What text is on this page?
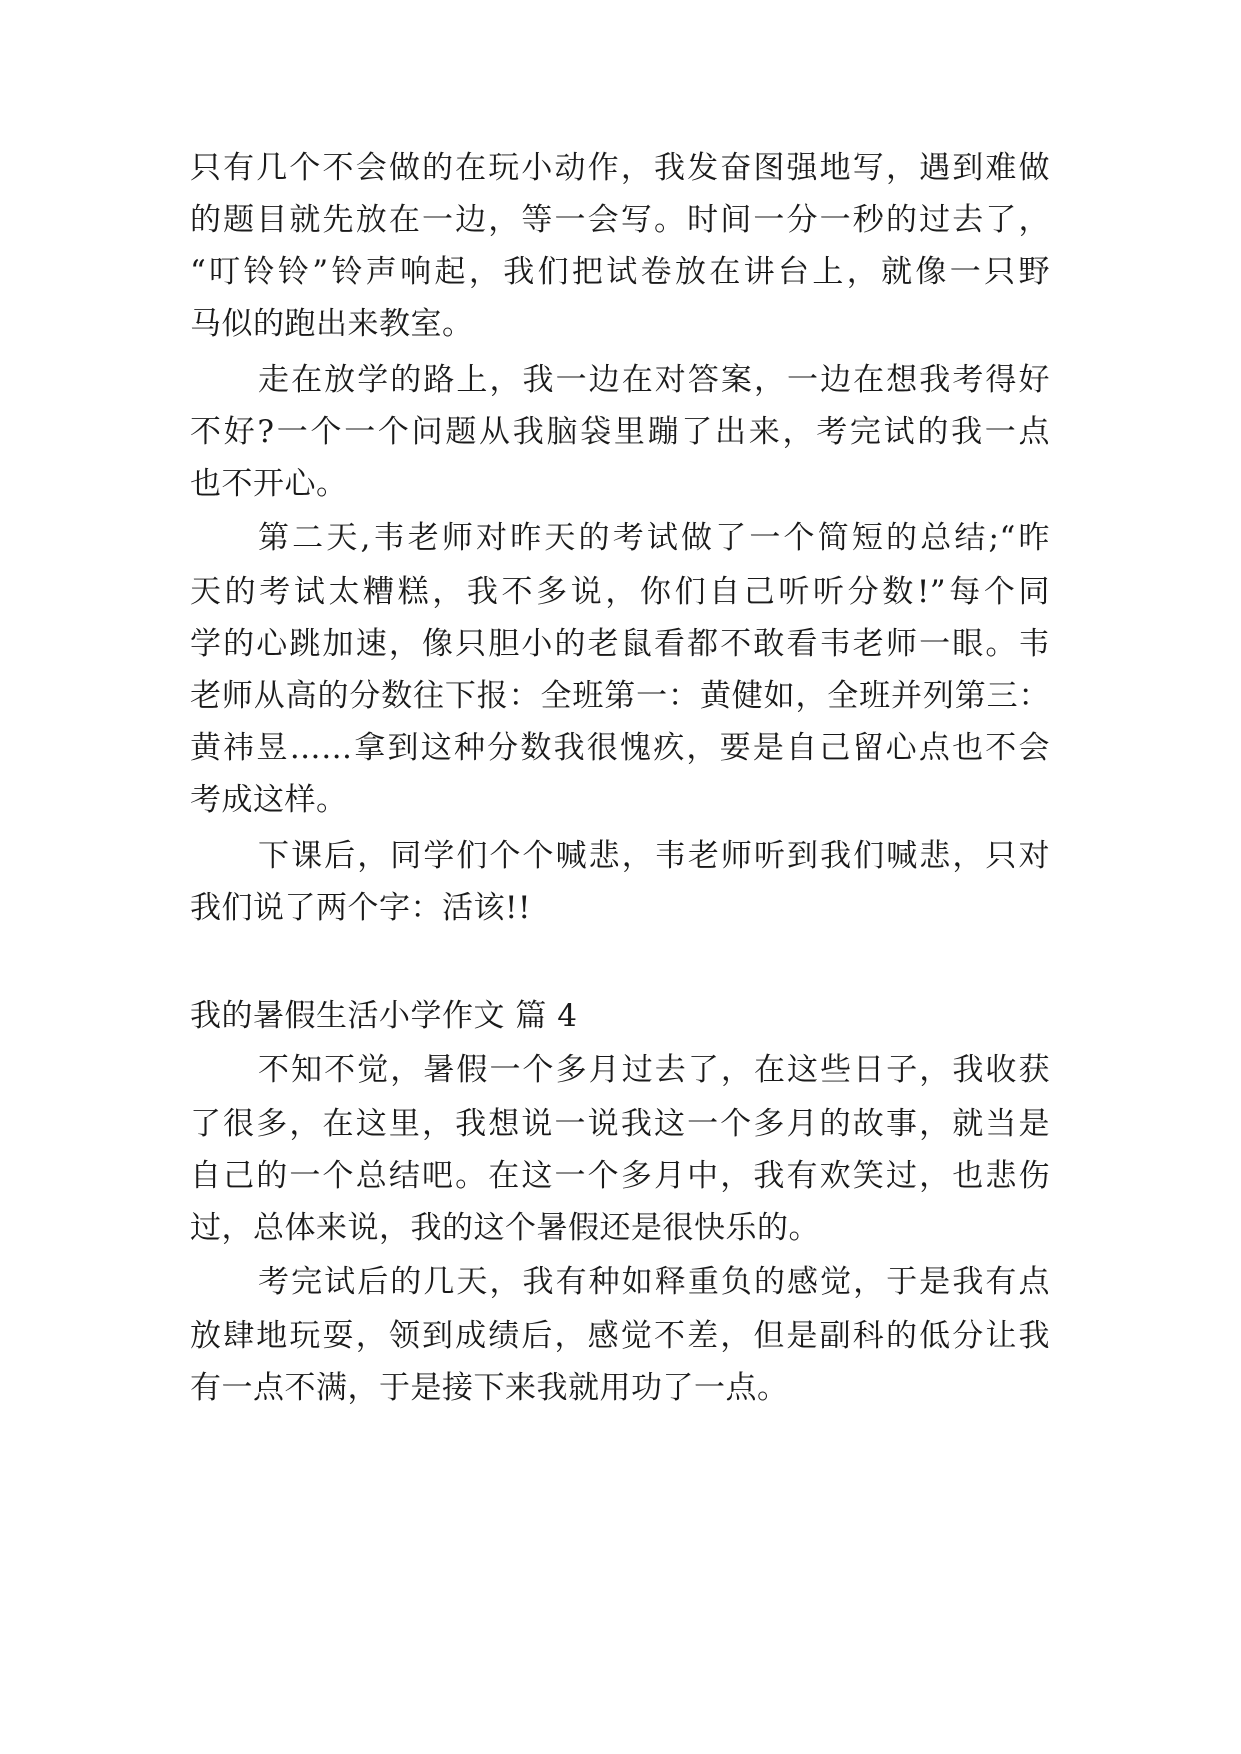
只有几个不会做的在玩小动作，我发奋图强地写，遇到难做
的题目就先放在一边，等一会写。时间一分一秒的过去了，
“叮铃铃”铃声响起，我们把试卷放在讲台上，就像一只野
马似的跑出来教室。
走在放学的路上，我一边在对答案，一边在想我考得好
不好?一个一个问题从我脑袋里蹦了出来，考完试的我一点
也不开心。
第二天,韦老师对昨天的考试做了一个简短的总结;“昨
天的考试太糟糕，我不多说，你们自己听听分数!”每个同
学的心跳加速，像只胆小的老鼠看都不敢看韦老师一眼。韦
老师从高的分数往下报：全班第一：黄健如，全班并列第三：
黄祎昱……拿到这种分数我很愧疚，要是自己留心点也不会
考成这样。
下课后，同学们个个喊悲，韦老师听到我们喊悲，只对
我们说了两个字：活该!!
我的暑假生活小学作文 篇 4
不知不觉，暑假一个多月过去了，在这些日子，我收获
了很多，在这里，我想说一说我这一个多月的故事，就当是
自己的一个总结吧。在这一个多月中，我有欢笑过，也悲伤
过，总体来说，我的这个暑假还是很快乐的。
考完试后的几天，我有种如释重负的感觉，于是我有点
放肆地玩耍，领到成绩后，感觉不差，但是副科的低分让我
有一点不满，于是接下来我就用功了一点。
